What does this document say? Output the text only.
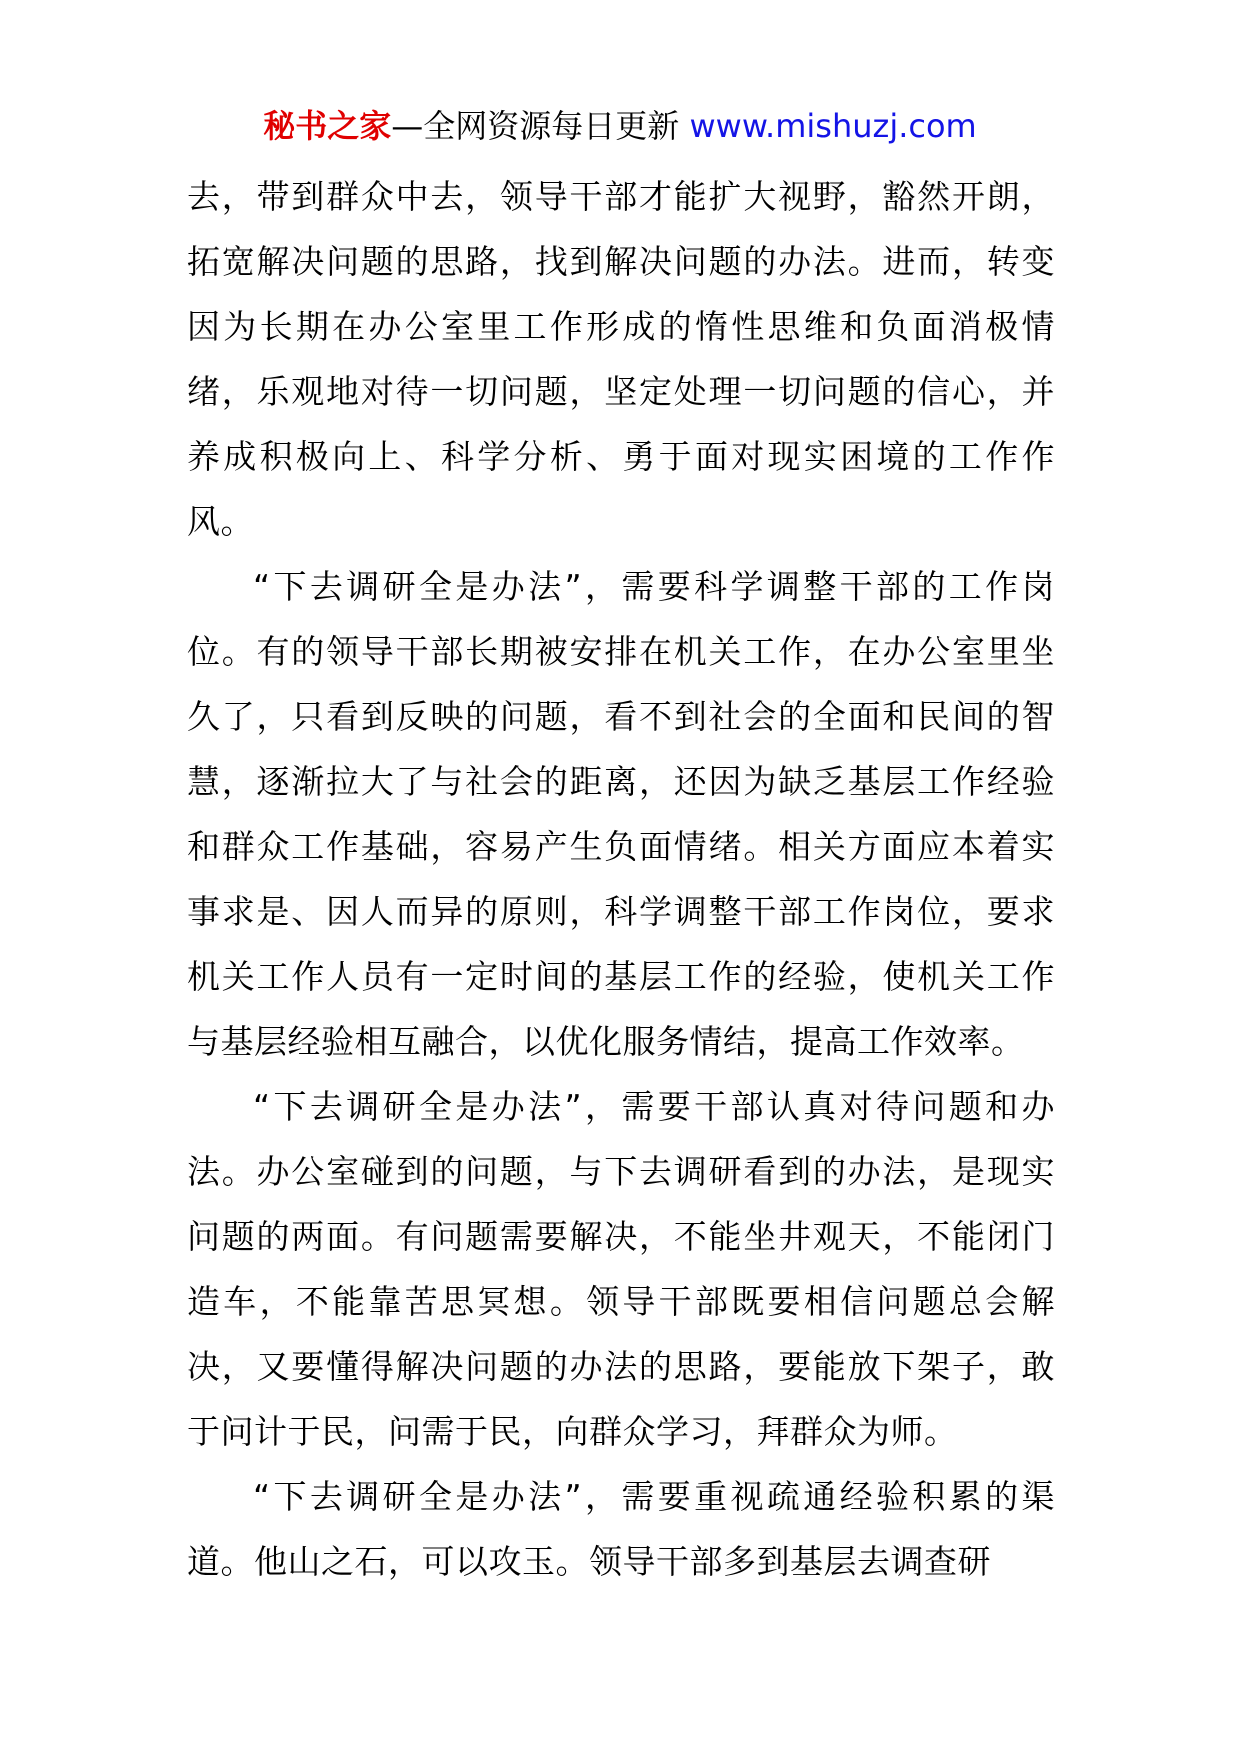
秘书之家—全网资源每日更新 www.mishuzj.com

去，带到群众中去，领导干部才能扩大视野，豁然开朗，拓宽解决问题的思路，找到解决问题的办法。进而，转变因为长期在办公室里工作形成的惰性思维和负面消极情绪，乐观地对待一切问题，坚定处理一切问题的信心，并养成积极向上、科学分析、勇于面对现实困境的工作作风。

“下去调研全是办法”，需要科学调整干部的工作岗位。有的领导干部长期被安排在机关工作，在办公室里坐久了，只看到反映的问题，看不到社会的全面和民间的智慧，逐渐拉大了与社会的距离，还因为缺乏基层工作经验和群众工作基础，容易产生负面情绪。相关方面应本着实事求是、因人而异的原则，科学调整干部工作岗位，要求机关工作人员有一定时间的基层工作的经验，使机关工作与基层经验相互融合，以优化服务情结，提高工作效率。

“下去调研全是办法”，需要干部认真对待问题和办法。办公室碰到的问题，与下去调研看到的办法，是现实问题的两面。有问题需要解决，不能坐井观天，不能闭门造车，不能靠苦思冥想。领导干部既要相信问题总会解决，又要懂得解决问题的办法的思路，要能放下架子，敢于问计于民，问需于民，向群众学习，拜群众为师。

“下去调研全是办法”，需要重视疏通经验积累的渠道。他山之石，可以攻玉。领导干部多到基层去调查研
